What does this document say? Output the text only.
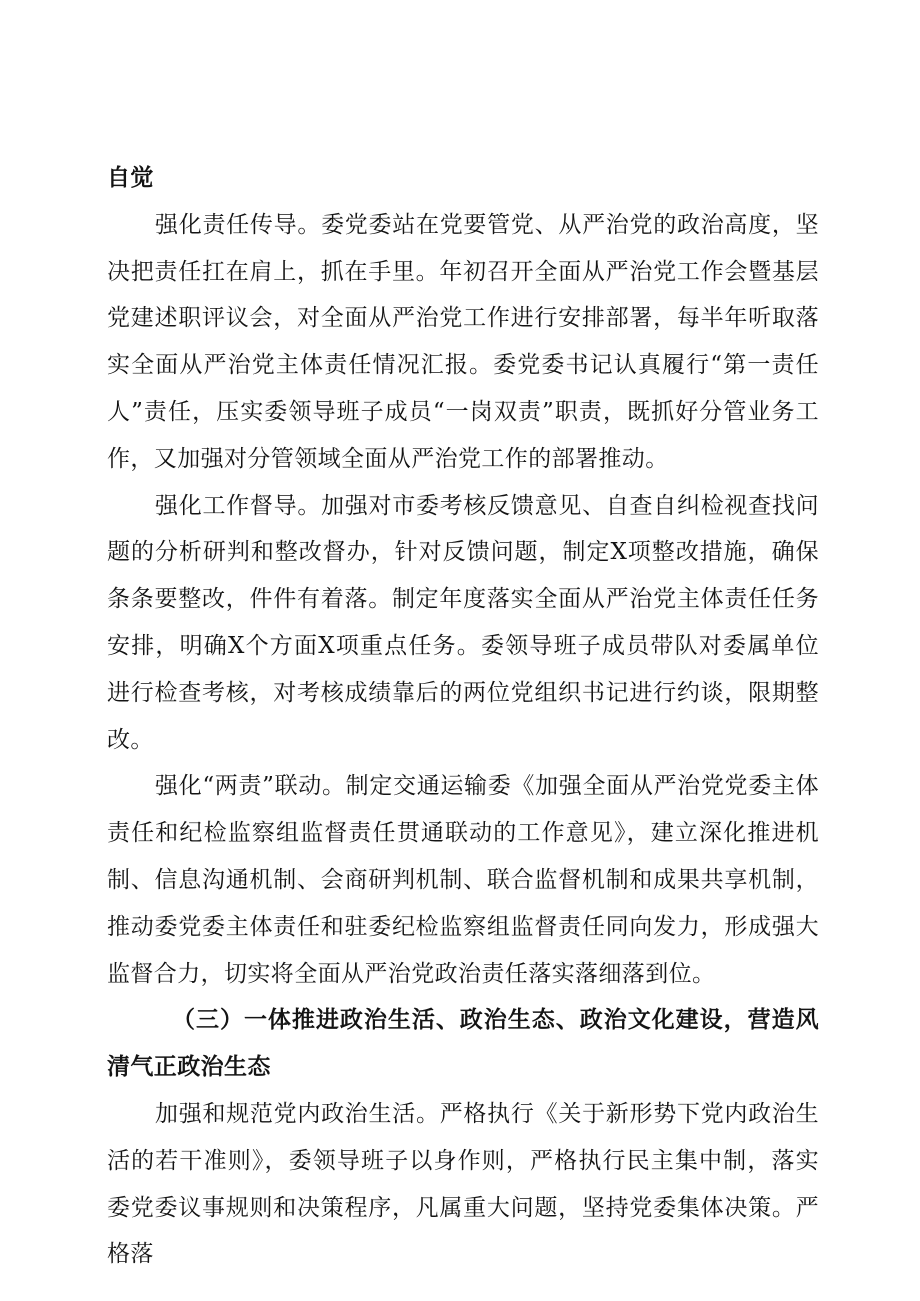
自觉

强化责任传导。委党委站在党要管党、从严治党的政治高度，坚决把责任扛在肩上，抓在手里。年初召开全面从严治党工作会暨基层党建述职评议会，对全面从严治党工作进行安排部署，每半年听取落实全面从严治党主体责任情况汇报。委党委书记认真履行“第一责任人”责任，压实委领导班子成员“一岗双责”职责，既抓好分管业务工作，又加强对分管领域全面从严治党工作的部署推动。

强化工作督导。加强对市委考核反馈意见、自查自纠检视查找问题的分析研判和整改督办，针对反馈问题，制定X项整改措施，确保条条要整改，件件有着落。制定年度落实全面从严治党主体责任任务安排，明确X个方面X项重点任务。委领导班子成员带队对委属单位进行检查考核，对考核成绩靠后的两位党组织书记进行约谈，限期整改。

强化“两责”联动。制定交通运输委《加强全面从严治党党委主体责任和纪检监察组监督责任贯通联动的工作意见》，建立深化推进机制、信息沟通机制、会商研判机制、联合监督机制和成果共享机制，推动委党委主体责任和驻委纪检监察组监督责任同向发力，形成强大监督合力，切实将全面从严治党政治责任落实落细落到位。

（三）一体推进政治生活、政治生态、政治文化建设，营造风清气正政治生态

加强和规范党内政治生活。严格执行《关于新形势下党内政治生活的若干准则》，委领导班子以身作则，严格执行民主集中制，落实委党委议事规则和决策程序，凡属重大问题，坚持党委集体决策。严格落
